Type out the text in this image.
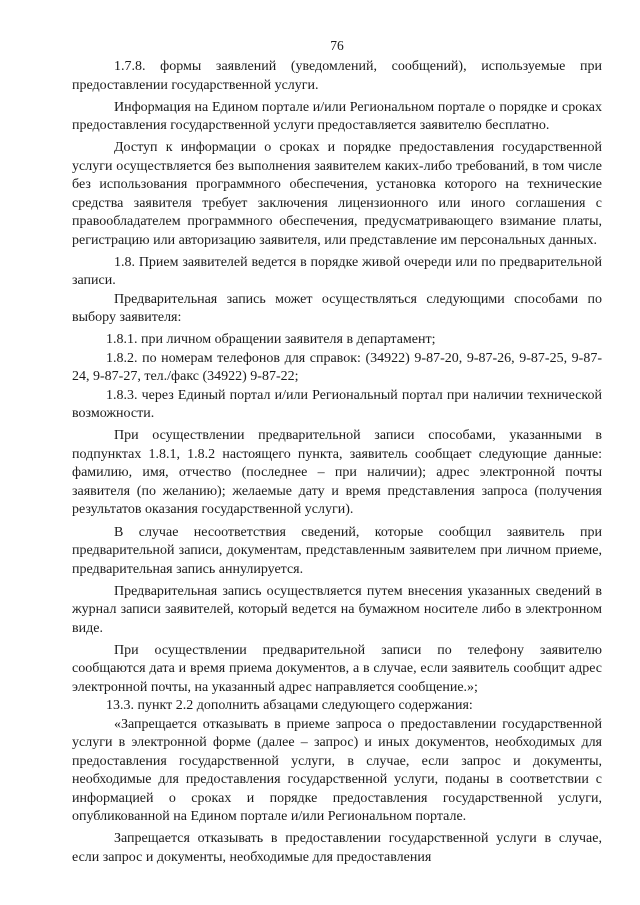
76

1.7.8. формы заявлений (уведомлений, сообщений), используемые при предоставлении государственной услуги.

Информация на Едином портале и/или Региональном портале о порядке и сроках предоставления государственной услуги предоставляется заявителю бесплатно.

Доступ к информации о сроках и порядке предоставления государственной услуги осуществляется без выполнения заявителем каких-либо требований, в том числе без использования программного обеспечения, установка которого на технические средства заявителя требует заключения лицензионного или иного соглашения с правообладателем программного обеспечения, предусматривающего взимание платы, регистрацию или авторизацию заявителя, или представление им персональных данных.

1.8. Прием заявителей ведется в порядке живой очереди или по предварительной записи.

Предварительная запись может осуществляться следующими способами по выбору заявителя:

1.8.1. при личном обращении заявителя в департамент;

1.8.2. по номерам телефонов для справок: (34922) 9-87-20, 9-87-26, 9-87-25, 9-87-24, 9-87-27, тел./факс (34922) 9-87-22;

1.8.3. через Единый портал и/или Региональный портал при наличии технической возможности.

При осуществлении предварительной записи способами, указанными в подпунктах 1.8.1, 1.8.2 настоящего пункта, заявитель сообщает следующие данные: фамилию, имя, отчество (последнее – при наличии); адрес электронной почты заявителя (по желанию); желаемые дату и время представления запроса (получения результатов оказания государственной услуги).

В случае несоответствия сведений, которые сообщил заявитель при предварительной записи, документам, представленным заявителем при личном приеме, предварительная запись аннулируется.

Предварительная запись осуществляется путем внесения указанных сведений в журнал записи заявителей, который ведется на бумажном носителе либо в электронном виде.

При осуществлении предварительной записи по телефону заявителю сообщаются дата и время приема документов, а в случае, если заявитель сообщит адрес электронной почты, на указанный адрес направляется сообщение.»;

13.3. пункт 2.2 дополнить абзацами следующего содержания:

«Запрещается отказывать в приеме запроса о предоставлении государственной услуги в электронной форме (далее – запрос) и иных документов, необходимых для предоставления государственной услуги, в случае, если запрос и документы, необходимые для предоставления государственной услуги, поданы в соответствии с информацией о сроках и порядке предоставления государственной услуги, опубликованной на Едином портале и/или Региональном портале.

Запрещается отказывать в предоставлении государственной услуги в случае, если запрос и документы, необходимые для предоставления
